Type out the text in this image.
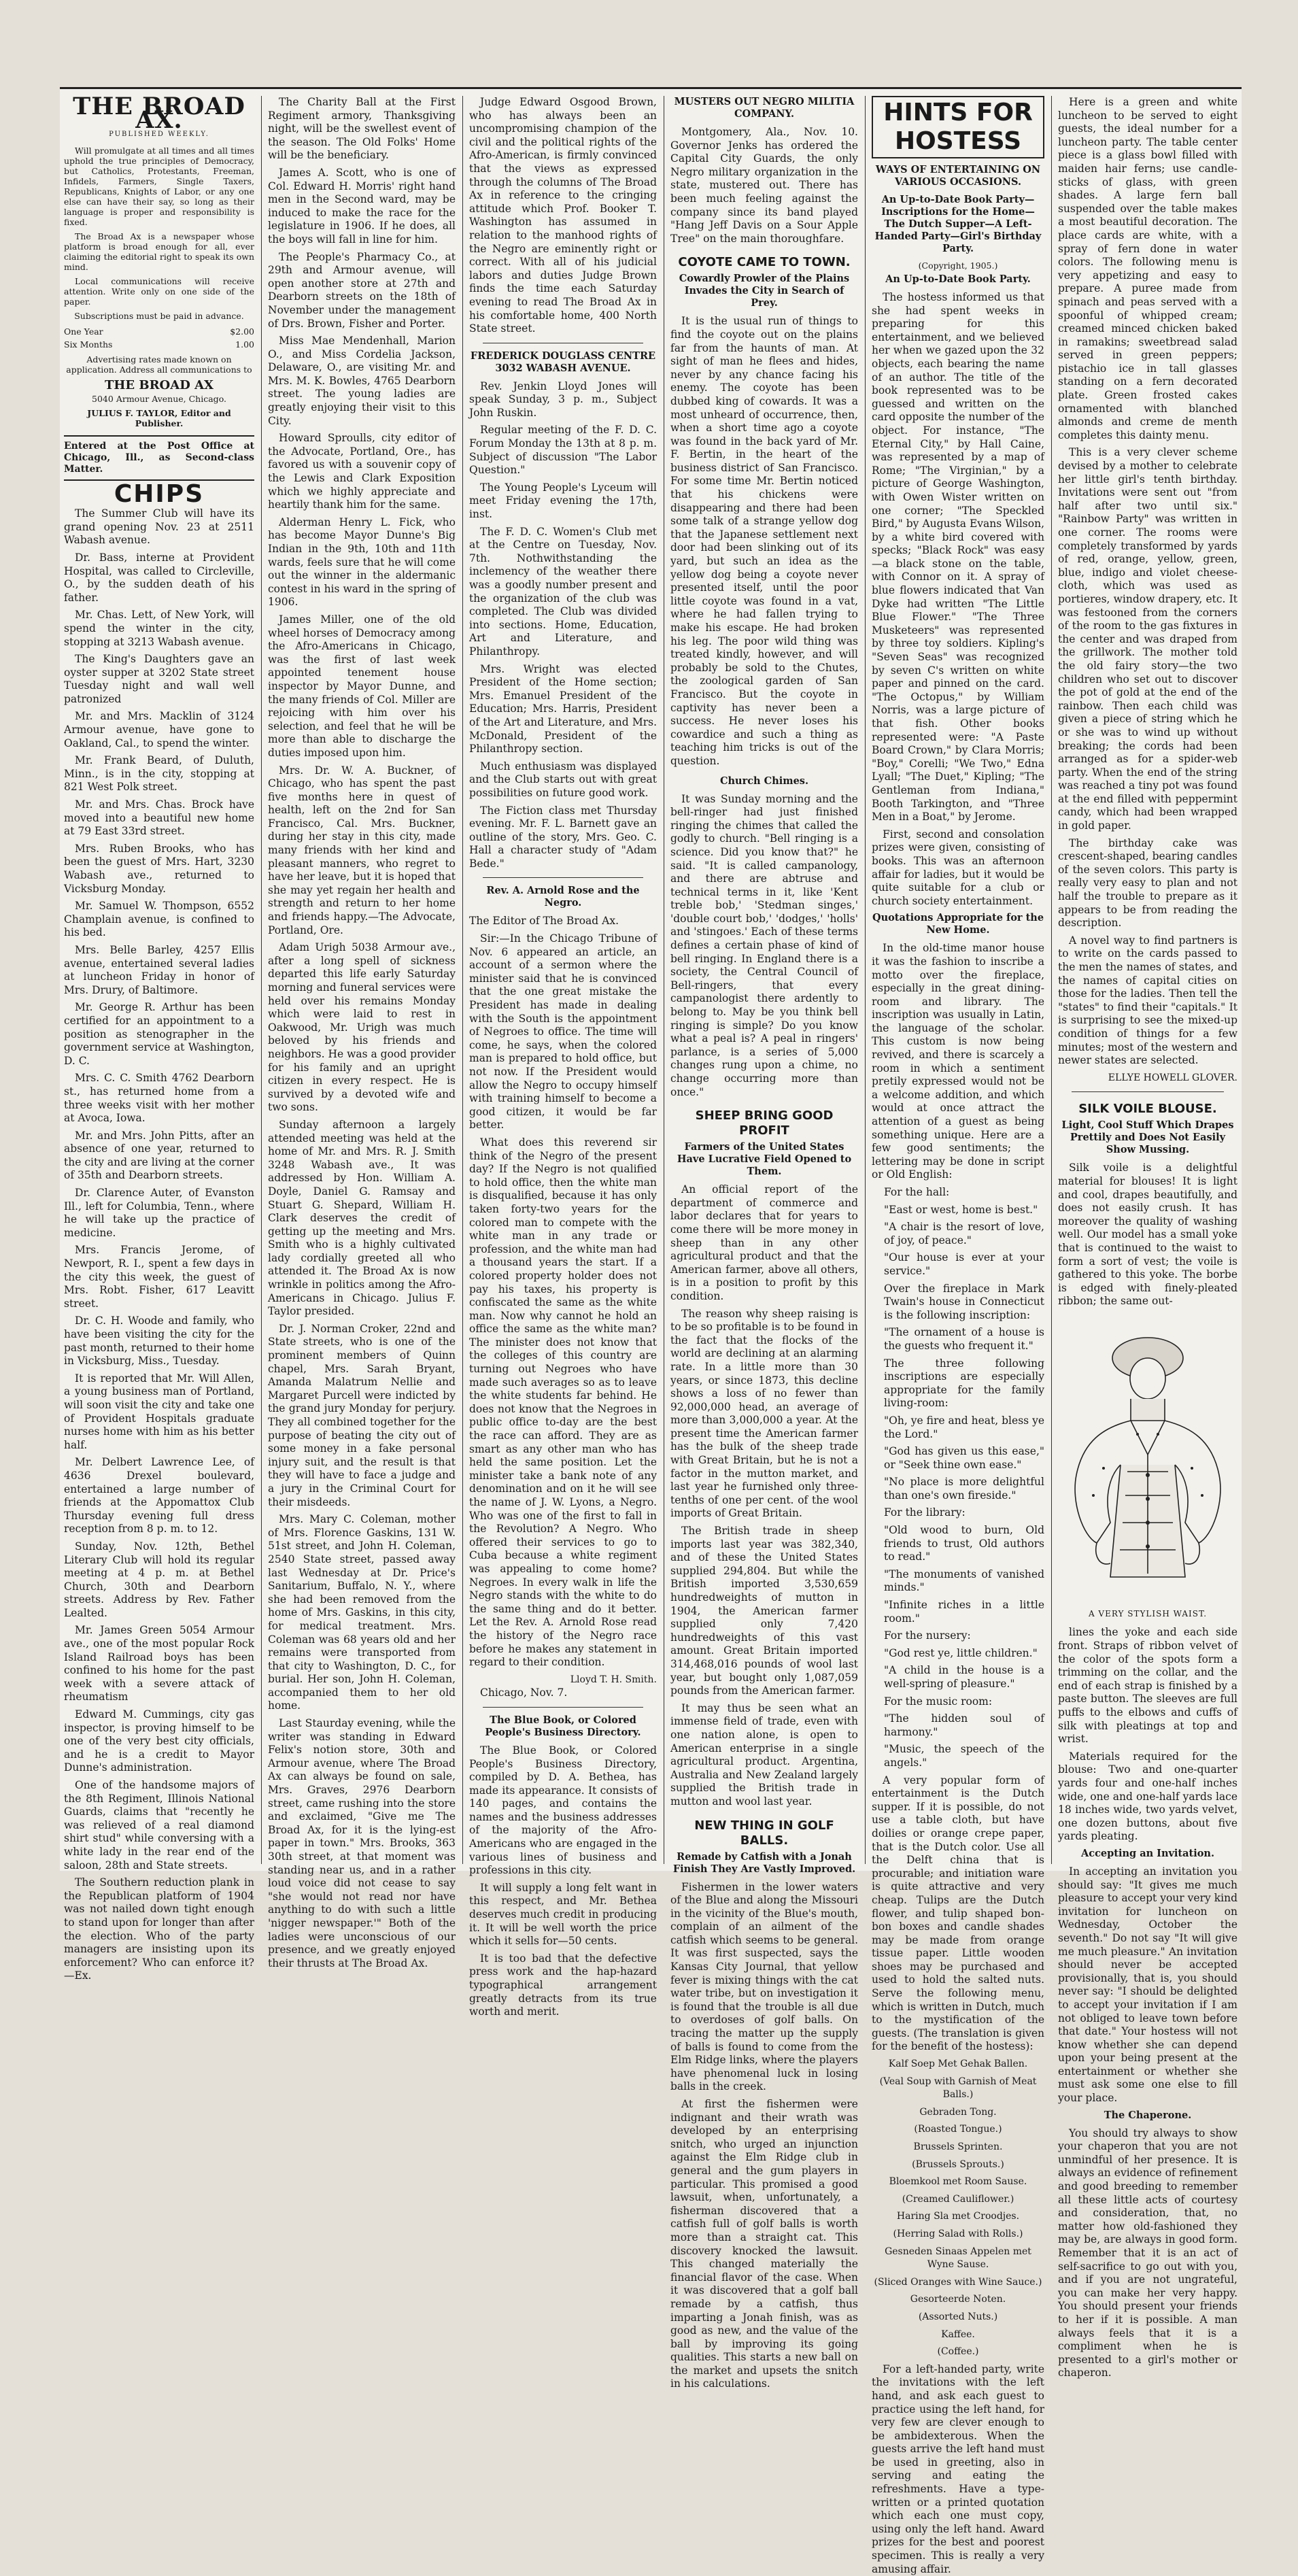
THE BROAD AX.
PUBLISHED WEEKLY.

Will promulgate at all times and all times uphold the true principles of Democracy, but Catholics, Protestants, Freeman, Infidels, Farmers, Single Taxers, Republicans, Knights of Labor, or any one else can have their say, so long as their language is proper and responsibility is fixed.

The Broad Ax is a newspaper whose platform is broad enough for all, ever claiming the editorial right to speak its own mind.

Local communications will receive attention. Write only on one side of the paper.

Subscriptions must be paid in advance.

One Year	$2.00
Six Months	1.00

Advertising rates made known on application. Address all communications to

THE BROAD AX
5040 Armour Avenue, Chicago.
JULIUS F. TAYLOR, Editor and Publisher.
Entered at the Post Office at Chicago, Ill., as Second-class Matter.
CHIPS

The Summer Club will have its grand opening Nov. 23 at 2511 Wabash avenue.

Dr. Bass, interne at Provident Hospital, was called to Circleville, O., by the sudden death of his father.

Mr. Chas. Lett, of New York, will spend the winter in the city, stopping at 3213 Wabash avenue.

The King's Daughters gave an oyster supper at 3202 State street Tuesday night and wall well patronized

Mr. and Mrs. Macklin of 3124 Armour avenue, have gone to Oakland, Cal., to spend the winter.

Mr. Frank Beard, of Duluth, Minn., is in the city, stopping at 821 West Polk street.

Mr. and Mrs. Chas. Brock have moved into a beautiful new home at 79 East 33rd street.

Mrs. Ruben Brooks, who has been the guest of Mrs. Hart, 3230 Wabash ave., returned to Vicksburg Monday.

Mr. Samuel W. Thompson, 6552 Champlain avenue, is confined to his bed.

Mrs. Belle Barley, 4257 Ellis avenue, entertained several ladies at luncheon Friday in honor of Mrs. Drury, of Baltimore.

Mr. George R. Arthur has been certified for an appointment to a position as stenographer in the government service at Washington, D. C.

Mrs. C. C. Smith 4762 Dearborn st., has returned home from a three weeks visit with her mother at Avoca, Iowa.

Mr. and Mrs. John Pitts, after an absence of one year, returned to the city and are living at the corner of 35th and Dearborn streets.

Dr. Clarence Auter, of Evanston Ill., left for Columbia, Tenn., where he will take up the practice of medicine.

Mrs. Francis Jerome, of Newport, R. I., spent a few days in the city this week, the guest of Mrs. Robt. Fisher, 617 Leavitt street.

Dr. C. H. Woode and family, who have been visiting the city for the past month, returned to their home in Vicksburg, Miss., Tuesday.

It is reported that Mr. Will Allen, a young business man of Portland, will soon visit the city and take one of Provident Hospitals graduate nurses home with him as his better half.

Mr. Delbert Lawrence Lee, of 4636 Drexel boulevard, entertained a large number of friends at the Appomattox Club Thursday evening full dress reception from 8 p. m. to 12.

Sunday, Nov. 12th, Bethel Literary Club will hold its regular meeting at 4 p. m. at Bethel Church, 30th and Dearborn streets. Address by Rev. Father Lealted.

Mr. James Green 5054 Armour ave., one of the most popular Rock Island Railroad boys has been confined to his home for the past week with a severe attack of rheumatism

Edward M. Cummings, city gas inspector, is proving himself to be one of the very best city officials, and he is a credit to Mayor Dunne's administration.

One of the handsome majors of the 8th Regiment, Illinois National Guards, claims that "recently he was relieved of a real diamond shirt stud" while conversing with a white lady in the rear end of the saloon, 28th and State streets.

The Southern reduction plank in the Republican platform of 1904 was not nailed down tight enough to stand upon for longer than after the election. Who of the party managers are insisting upon its enforcement? Who can enforce it?—Ex.

The Charity Ball at the First Regiment armory, Thanksgiving night, will be the swellest event of the season. The Old Folks' Home will be the beneficiary.

James A. Scott, who is one of Col. Edward H. Morris' right hand men in the Second ward, may be induced to make the race for the legislature in 1906. If he does, all the boys will fall in line for him.

The People's Pharmacy Co., at 29th and Armour avenue, will open another store at 27th and Dearborn streets on the 18th of November under the management of Drs. Brown, Fisher and Porter.

Miss Mae Mendenhall, Marion O., and Miss Cordelia Jackson, Delaware, O., are visiting Mr. and Mrs. M. K. Bowles, 4765 Dearborn street. The young ladies are greatly enjoying their visit to this City.

Howard Sproulls, city editor of the Advocate, Portland, Ore., has favored us with a souvenir copy of the Lewis and Clark Exposition which we highly appreciate and heartily thank him for the same.

Alderman Henry L. Fick, who has become Mayor Dunne's Big Indian in the 9th, 10th and 11th wards, feels sure that he will come out the winner in the aldermanic contest in his ward in the spring of 1906.

James Miller, one of the old wheel horses of Democracy among the Afro-Americans in Chicago, was the first of last week appointed tenement house inspector by Mayor Dunne, and the many friends of Col. Miller are rejoicing with him over his selection, and feel that he will be more than able to discharge the duties imposed upon him.

Mrs. Dr. W. A. Buckner, of Chicago, who has spent the past five months here in quest of health, left on the 2nd for San Francisco, Cal. Mrs. Buckner, during her stay in this city, made many friends with her kind and pleasant manners, who regret to have her leave, but it is hoped that she may yet regain her health and strength and return to her home and friends happy.—The Advocate, Portland, Ore.

Adam Urigh 5038 Armour ave., after a long spell of sickness departed this life early Saturday morning and funeral services were held over his remains Monday which were laid to rest in Oakwood, Mr. Urigh was much beloved by his friends and neighbors. He was a good provider for his family and an upright citizen in every respect. He is survived by a devoted wife and two sons.

Sunday afternoon a largely attended meeting was held at the home of Mr. and Mrs. R. J. Smith 3248 Wabash ave., It was addressed by Hon. William A. Doyle, Daniel G. Ramsay and Stuart G. Shepard, William H. Clark deserves the credit of getting up the meeting and Mrs. Smith who is a highly cultivated lady cordially greeted all who attended it. The Broad Ax is now wrinkle in politics among the Afro-Americans in Chicago. Julius F. Taylor presided.

Dr. J. Norman Croker, 22nd and State streets, who is one of the prominent members of Quinn chapel, Mrs. Sarah Bryant, Amanda Malatrum Nellie and Margaret Purcell were indicted by the grand jury Monday for perjury. They all combined together for the purpose of beating the city out of some money in a fake personal injury suit, and the result is that they will have to face a judge and a jury in the Criminal Court for their misdeeds.

Mrs. Mary C. Coleman, mother of Mrs. Florence Gaskins, 131 W. 51st street, and John H. Coleman, 2540 State street, passed away last Wednesday at Dr. Price's Sanitarium, Buffalo, N. Y., where she had been removed from the home of Mrs. Gaskins, in this city, for medical treatment. Mrs. Coleman was 68 years old and her remains were transported from that city to Washington, D. C., for burial. Her son, John H. Coleman, accompanied them to her old home.

Last Staurday evening, while the writer was standing in Edward Felix's notion store, 30th and Armour avenue, where The Broad Ax can always be found on sale, Mrs. Graves, 2976 Dearborn street, came rushing into the store and exclaimed, "Give me The Broad Ax, for it is the lying-est paper in town." Mrs. Brooks, 363 30th street, at that moment was standing near us, and in a rather loud voice did not cease to say "she would not read nor have anything to do with such a little 'nigger newspaper.'" Both of the ladies were unconscious of our presence, and we greatly enjoyed their thrusts at The Broad Ax.

Judge Edward Osgood Brown, who has always been an uncompromising champion of the civil and the political rights of the Afro-American, is firmly convinced that the views as expressed through the columns of The Broad Ax in reference to the cringing attitude which Prof. Booker T. Washington has assumed in relation to the manhood rights of the Negro are eminently right or correct. With all of his judicial labors and duties Judge Brown finds the time each Saturday evening to read The Broad Ax in his comfortable home, 400 North State street.

FREDERICK DOUGLASS CENTRE 3032 WABASH AVENUE.

Rev. Jenkin Lloyd Jones will speak Sunday, 3 p. m., Subject John Ruskin.

Regular meeting of the F. D. C. Forum Monday the 13th at 8 p. m. Subject of discussion "The Labor Question."

The Young People's Lyceum will meet Friday evening the 17th, inst.

The F. D. C. Women's Club met at the Centre on Tuesday, Nov. 7th. Nothwithstanding the inclemency of the weather there was a goodly number present and the organization of the club was completed. The Club was divided into sections. Home, Education, Art and Literature, and Philanthropy.

Mrs. Wright was elected President of the Home section; Mrs. Emanuel President of the Education; Mrs. Harris, President of the Art and Literature, and Mrs. McDonald, President of the Philanthropy section.

Much enthusiasm was displayed and the Club starts out with great possibilities on future good work.

The Fiction class met Thursday evening. Mr. F. L. Barnett gave an outline of the story, Mrs. Geo. C. Hall a character study of "Adam Bede."

Rev. A. Arnold Rose and the Negro.

The Editor of The Broad Ax.

Sir:—In the Chicago Tribune of Nov. 6 appeared an article, an account of a sermon where the minister said that he is convinced that the one great mistake the President has made in dealing with the South is the appointment of Negroes to office. The time will come, he says, when the colored man is prepared to hold office, but not now. If the President would allow the Negro to occupy himself with training himself to become a good citizen, it would be far better.

What does this reverend sir think of the Negro of the present day? If the Negro is not qualified to hold office, then the white man is disqualified, because it has only taken forty-two years for the colored man to compete with the white man in any trade or profession, and the white man had a thousand years the start. If a colored property holder does not pay his taxes, his property is confiscated the same as the white man. Now why cannot he hold an office the same as the white man? The minister does not know that the colleges of this country are turning out Negroes who have made such averages so as to leave the white students far behind. He does not know that the Negroes in public office to-day are the best the race can afford. They are as smart as any other man who has held the same position. Let the minister take a bank note of any denomination and on it he will see the name of J. W. Lyons, a Negro. Who was one of the first to fall in the Revolution? A Negro. Who offered their services to go to Cuba because a white regiment was appealing to come home? Negroes. In every walk in life the Negro stands with the white to do the same thing and do it better. Let the Rev. A. Arnold Rose read the history of the Negro race before he makes any statement in regard to their condition.

Lloyd T. H. Smith.

Chicago, Nov. 7.

The Blue Book, or Colored People's Business Directory.

The Blue Book, or Colored People's Business Directory, compiled by D. A. Bethea, has made its appearance. It consists of 140 pages, and contains the names and the business addresses of the majority of the Afro-Americans who are engaged in the various lines of business and professions in this city.

It will supply a long felt want in this respect, and Mr. Bethea deserves much credit in producing it. It will be well worth the price which it sells for—50 cents.

It is too bad that the defective press work and the hap-hazard typographical arrangement greatly detracts from its true worth and merit.

MUSTERS OUT NEGRO MILITIA COMPANY.

Montgomery, Ala., Nov. 10. Governor Jenks has ordered the Capital City Guards, the only Negro military organization in the state, mustered out. There has been much feeling against the company since its band played "Hang Jeff Davis on a Sour Apple Tree" on the main thoroughfare.

COYOTE CAME TO TOWN.
Cowardly Prowler of the Plains Invades the City in Search of Prey.

It is the usual run of things to find the coyote out on the plains far from the haunts of man. At sight of man he flees and hides, never by any chance facing his enemy. The coyote has been dubbed king of cowards. It was a most unheard of occurrence, then, when a short time ago a coyote was found in the back yard of Mr. F. Bertin, in the heart of the business district of San Francisco. For some time Mr. Bertin noticed that his chickens were disappearing and there had been some talk of a strange yellow dog that the Japanese settlement next door had been slinking out of its yard, but such an idea as the yellow dog being a coyote never presented itself, until the poor little coyote was found in a vat, where he had fallen trying to make his escape. He had broken his leg. The poor wild thing was treated kindly, however, and will probably be sold to the Chutes, the zoological garden of San Francisco. But the coyote in captivity has never been a success. He never loses his cowardice and such a thing as teaching him tricks is out of the question.

Church Chimes.

It was Sunday morning and the bell-ringer had just finished ringing the chimes that called the godly to church. "Bell ringing is a science. Did you know that?" he said. "It is called campanology, and there are abtruse and technical terms in it, like 'Kent treble bob,' 'Stedman singes,' 'double court bob,' 'dodges,' 'holls' and 'stingoes.' Each of these terms defines a certain phase of kind of bell ringing. In England there is a society, the Central Council of Bell-ringers, that every campanologist there ardently to belong to. May be you think bell ringing is simple? Do you know what a peal is? A peal in ringers' parlance, is a series of 5,000 changes rung upon a chime, no change occurring more than once."

SHEEP BRING GOOD PROFIT
Farmers of the United States Have Lucrative Field Opened to Them.

An official report of the department of commerce and labor declares that for years to come there will be more money in sheep than in any other agricultural product and that the American farmer, above all others, is in a position to profit by this condition.

The reason why sheep raising is to be so profitable is to be found in the fact that the flocks of the world are declining at an alarming rate. In a little more than 30 years, or since 1873, this decline shows a loss of no fewer than 92,000,000 head, an average of more than 3,000,000 a year. At the present time the American farmer has the bulk of the sheep trade with Great Britain, but he is not a factor in the mutton market, and last year he furnished only three-tenths of one per cent. of the wool imports of Great Britain.

The British trade in sheep imports last year was 382,340, and of these the United States supplied 294,804. But while the British imported 3,530,659 hundredweights of mutton in 1904, the American farmer supplied only 7,420 hundredweights of this vast amount. Great Britain imported 314,468,016 pounds of wool last year, but bought only 1,087,059 pounds from the American farmer.

It may thus be seen what an immense field of trade, even with one nation alone, is open to American enterprise in a single agricultural product. Argentina, Australia and New Zealand largely supplied the British trade in mutton and wool last year.

NEW THING IN GOLF BALLS.
Remade by Catfish with a Jonah Finish They Are Vastly Improved.

Fishermen in the lower waters of the Blue and along the Missouri in the vicinity of the Blue's mouth, complain of an ailment of the catfish which seems to be general. It was first suspected, says the Kansas City Journal, that yellow fever is mixing things with the cat water tribe, but on investigation it is found that the trouble is all due to overdoses of golf balls. On tracing the matter up the supply of balls is found to come from the Elm Ridge links, where the players have phenomenal luck in losing balls in the creek.

At first the fishermen were indignant and their wrath was developed by an enterprising snitch, who urged an injunction against the Elm Ridge club in general and the gum players in particular. This promised a good lawsuit, when, unfortunately, a fisherman discovered that a catfish full of golf balls is worth more than a straight cat. This discovery knocked the lawsuit. This changed materially the financial flavor of the case. When it was discovered that a golf ball remade by a catfish, thus imparting a Jonah finish, was as good as new, and the value of the ball by improving its going qualities. This starts a new ball on the market and upsets the snitch in his calculations.

HINTS FOR HOSTESS
WAYS OF ENTERTAINING ON VARIOUS OCCASIONS.
An Up-to-Date Book Party—Inscriptions for the Home—The Dutch Supper—A Left-Handed Party—Girl's Birthday Party.
(Copyright, 1905.)
An Up-to-Date Book Party.

The hostess informed us that she had spent weeks in preparing for this entertainment, and we believed her when we gazed upon the 32 objects, each bearing the name of an author. The title of the book represented was to be guessed and written on the card opposite the number of the object. For instance, "The Eternal City," by Hall Caine, was represented by a map of Rome; "The Virginian," by a picture of George Washington, with Owen Wister written on one corner; "The Speckled Bird," by Augusta Evans Wilson, by a white bird covered with specks; "Black Rock" was easy—a black stone on the table, with Connor on it. A spray of blue flowers indicated that Van Dyke had written "The Little Blue Flower." "The Three Musketeers" was represented by three toy soldiers. Kipling's "Seven Seas" was recognized by seven C's written on white paper and pinned on the card. "The Octopus," by William Norris, was a large picture of that fish. Other books represented were: "A Paste Board Crown," by Clara Morris; "Boy," Corelli; "We Two," Edna Lyall; "The Duet," Kipling; "The Gentleman from Indiana," Booth Tarkington, and "Three Men in a Boat," by Jerome.

First, second and consolation prizes were given, consisting of books. This was an afternoon affair for ladies, but it would be quite suitable for a club or church society entertainment.

Quotations Appropriate for the New Home.

In the old-time manor house it was the fashion to inscribe a motto over the fireplace, especially in the great dining-room and library. The inscription was usually in Latin, the language of the scholar. This custom is now being revived, and there is scarcely a room in which a sentiment pretily expressed would not be a welcome addition, and which would at once attract the attention of a guest as being something unique. Here are a few good sentiments; the lettering may be done in script or Old English:

For the hall:

"East or west, home is best."

"A chair is the resort of love, of joy, of peace."

"Our house is ever at your service."

Over the fireplace in Mark Twain's house in Connecticut is the following inscription:

"The ornament of a house is the guests who frequent it."

The three following inscriptions are especially appropriate for the family living-room:

"Oh, ye fire and heat, bless ye the Lord."

"God has given us this ease," or "Seek thine own ease."

"No place is more delightful than one's own fireside."

For the library:

"Old wood to burn, Old friends to trust, Old authors to read."

"The monuments of vanished minds."

"Infinite riches in a little room."

For the nursery:

"God rest ye, little children."

"A child in the house is a well-spring of pleasure."

For the music room:

"The hidden soul of harmony."

"Music, the speech of the angels."

A very popular form of entertainment is the Dutch supper. If it is possible, do not use a table cloth, but have doilies or orange crepe paper, that is the Dutch color. Use all the Delft china that is procurable; and initiation ware is quite attractive and very cheap. Tulips are the Dutch flower, and tulip shaped bon-bon boxes and candle shades may be made from orange tissue paper. Little wooden shoes may be purchased and used to hold the salted nuts. Serve the following menu, which is written in Dutch, much to the mystification of the guests. (The translation is given for the benefit of the hostess):

Kalf Soep Met Gehak Ballen.

(Veal Soup with Garnish of Meat Balls.)

Gebraden Tong.

(Roasted Tongue.)

Brussels Sprinten.

(Brussels Sprouts.)

Bloemkool met Room Sause.

(Creamed Cauliflower.)

Haring Sla met Croodjes.

(Herring Salad with Rolls.)

Gesneden Sinaas Appelen met Wyne Sause.

(Sliced Oranges with Wine Sauce.)

Gesorteerde Noten.

(Assorted Nuts.)

Kaffee.

(Coffee.)

For a left-handed party, write the invitations with the left hand, and ask each guest to practice using the left hand, for very few are clever enough to be ambidexterous. When the guests arrive the left hand must be used in greeting, also in serving and eating the refreshments. Have a type-written or a printed quotation which each one must copy, using only the left hand. Award prizes for the best and poorest specimen. This is really a very amusing affair.

Here is a green and white luncheon to be served to eight guests, the ideal number for a luncheon party. The table center piece is a glass bowl filled with maiden hair ferns; use candle-sticks of glass, with green shades. A large fern ball suspended over the table makes a most beautiful decoration. The place cards are white, with a spray of fern done in water colors. The following menu is very appetizing and easy to prepare. A puree made from spinach and peas served with a spoonful of whipped cream; creamed minced chicken baked in ramakins; sweetbread salad served in green peppers; pistachio ice in tall glasses standing on a fern decorated plate. Green frosted cakes ornamented with blanched almonds and creme de menth completes this dainty menu.

This is a very clever scheme devised by a mother to celebrate her little girl's tenth birthday. Invitations were sent out "from half after two until six." "Rainbow Party" was written in one corner. The rooms were completely transformed by yards of red, orange, yellow, green, blue, indigo and violet cheese-cloth, which was used as portieres, window drapery, etc. It was festooned from the corners of the room to the gas fixtures in the center and was draped from the grillwork. The mother told the old fairy story—the two children who set out to discover the pot of gold at the end of the rainbow. Then each child was given a piece of string which he or she was to wind up without breaking; the cords had been arranged as for a spider-web party. When the end of the string was reached a tiny pot was found at the end filled with peppermint candy, which had been wrapped in gold paper.

The birthday cake was crescent-shaped, bearing candles of the seven colors. This party is really very easy to plan and not half the trouble to prepare as it appears to be from reading the description.

A novel way to find partners is to write on the cards passed to the men the names of states, and the names of capital cities on those for the ladies. Then tell the "states" to find their "capitals." It is surprising to see the mixed-up condition of things for a few minutes; most of the western and newer states are selected.

ELLYE HOWELL GLOVER.
SILK VOILE BLOUSE.
Light, Cool Stuff Which Drapes Prettily and Does Not Easily Show Mussing.

Silk voile is a delightful material for blouses! It is light and cool, drapes beautifully, and does not easily crush. It has moreover the quality of washing well. Our model has a small yoke that is continued to the waist to form a sort of vest; the voile is gathered to this yoke. The borbe is edged with finely-pleated ribbon; the same out-

A VERY STYLISH WAIST.

lines the yoke and each side front. Straps of ribbon velvet of the color of the spots form a trimming on the collar, and the end of each strap is finished by a paste button. The sleeves are full puffs to the elbows and cuffs of silk with pleatings at top and wrist.

Materials required for the blouse: Two and one-quarter yards four and one-half inches wide, one and one-half yards lace 18 inches wide, two yards velvet, one dozen buttons, about five yards pleating.

Accepting an Invitation.

In accepting an invitation you should say: "It gives me much pleasure to accept your very kind invitation for luncheon on Wednesday, October the seventh." Do not say "It will give me much pleasure." An invitation should never be accepted provisionally, that is, you should never say: "I should be delighted to accept your invitation if I am not obliged to leave town before that date." Your hostess will not know whether she can depend upon your being present at the entertainment or whether she must ask some one else to fill your place.

The Chaperone.

You should try always to show your chaperon that you are not unmindful of her presence. It is always an evidence of refinement and good breeding to remember all these little acts of courtesy and consideration, that, no matter how old-fashioned they may be, are always in good form. Remember that it is an act of self-sacrifice to go out with you, and if you are not ungrateful, you can make her very happy. You should present your friends to her if it is possible. A man always feels that it is a compliment when he is presented to a girl's mother or chaperon.
